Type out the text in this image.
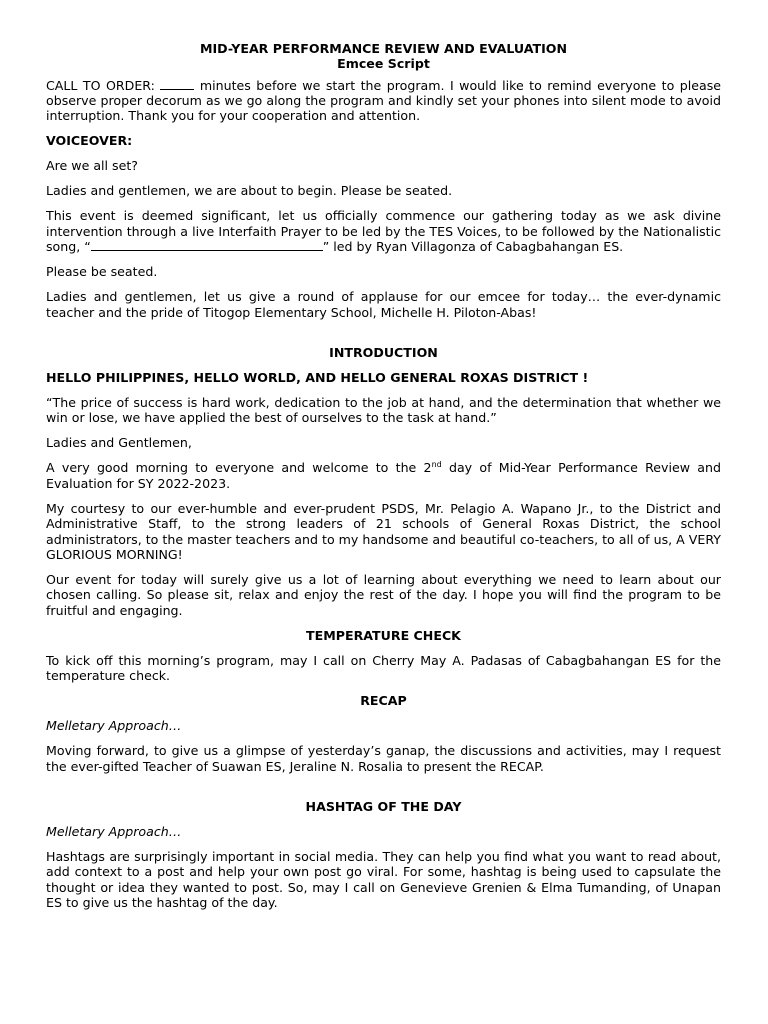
MID-YEAR PERFORMANCE REVIEW AND EVALUATION
Emcee Script

CALL TO ORDER:	minutes before we start the program. I would like to remind everyone to please observe proper decorum as we go along the program and kindly set your phones into silent mode to avoid interruption. Thank you for your cooperation and attention.

VOICEOVER:

Are we all set?

Ladies and gentlemen, we are about to begin. Please be seated.

This event is deemed significant, let us officially commence our gathering today as we ask divine intervention through a live Interfaith Prayer to be led by the TES Voices, to be followed by the Nationalistic song, “	” led by Ryan Villagonza of Cabagbahangan ES.

Please be seated.

Ladies and gentlemen, let us give a round of applause for our emcee for today… the ever-dynamic teacher and the pride of Titogop Elementary School, Michelle H. Piloton-Abas!

INTRODUCTION

HELLO PHILIPPINES, HELLO WORLD, AND HELLO GENERAL ROXAS DISTRICT !

“The price of success is hard work, dedication to the job at hand, and the determination that whether we win or lose, we have applied the best of ourselves to the task at hand.”

Ladies and Gentlemen,

A very good morning to everyone and welcome to the 2nd day of Mid-Year Performance Review and Evaluation for SY 2022-2023.

My courtesy to our ever-humble and ever-prudent PSDS, Mr. Pelagio A. Wapano Jr., to the District and Administrative Staff, to the strong leaders of 21 schools of General Roxas District, the school administrators, to the master teachers and to my handsome and beautiful co-teachers, to all of us, A VERY GLORIOUS MORNING!

Our event for today will surely give us a lot of learning about everything we need to learn about our chosen calling. So please sit, relax and enjoy the rest of the day. I hope you will find the program to be fruitful and engaging.

TEMPERATURE CHECK

To kick off this morning’s program, may I call on Cherry May A. Padasas of Cabagbahangan ES for the temperature check.

RECAP

Melletary Approach…

Moving forward, to give us a glimpse of yesterday’s ganap, the discussions and activities, may I request the ever-gifted Teacher of Suawan ES, Jeraline N. Rosalia to present the RECAP.

HASHTAG OF THE DAY

Melletary Approach…

Hashtags are surprisingly important in social media. They can help you find what you want to read about, add context to a post and help your own post go viral. For some, hashtag is being used to capsulate the thought or idea they wanted to post. So, may I call on Genevieve Grenien & Elma Tumanding, of Unapan ES to give us the hashtag of the day.
